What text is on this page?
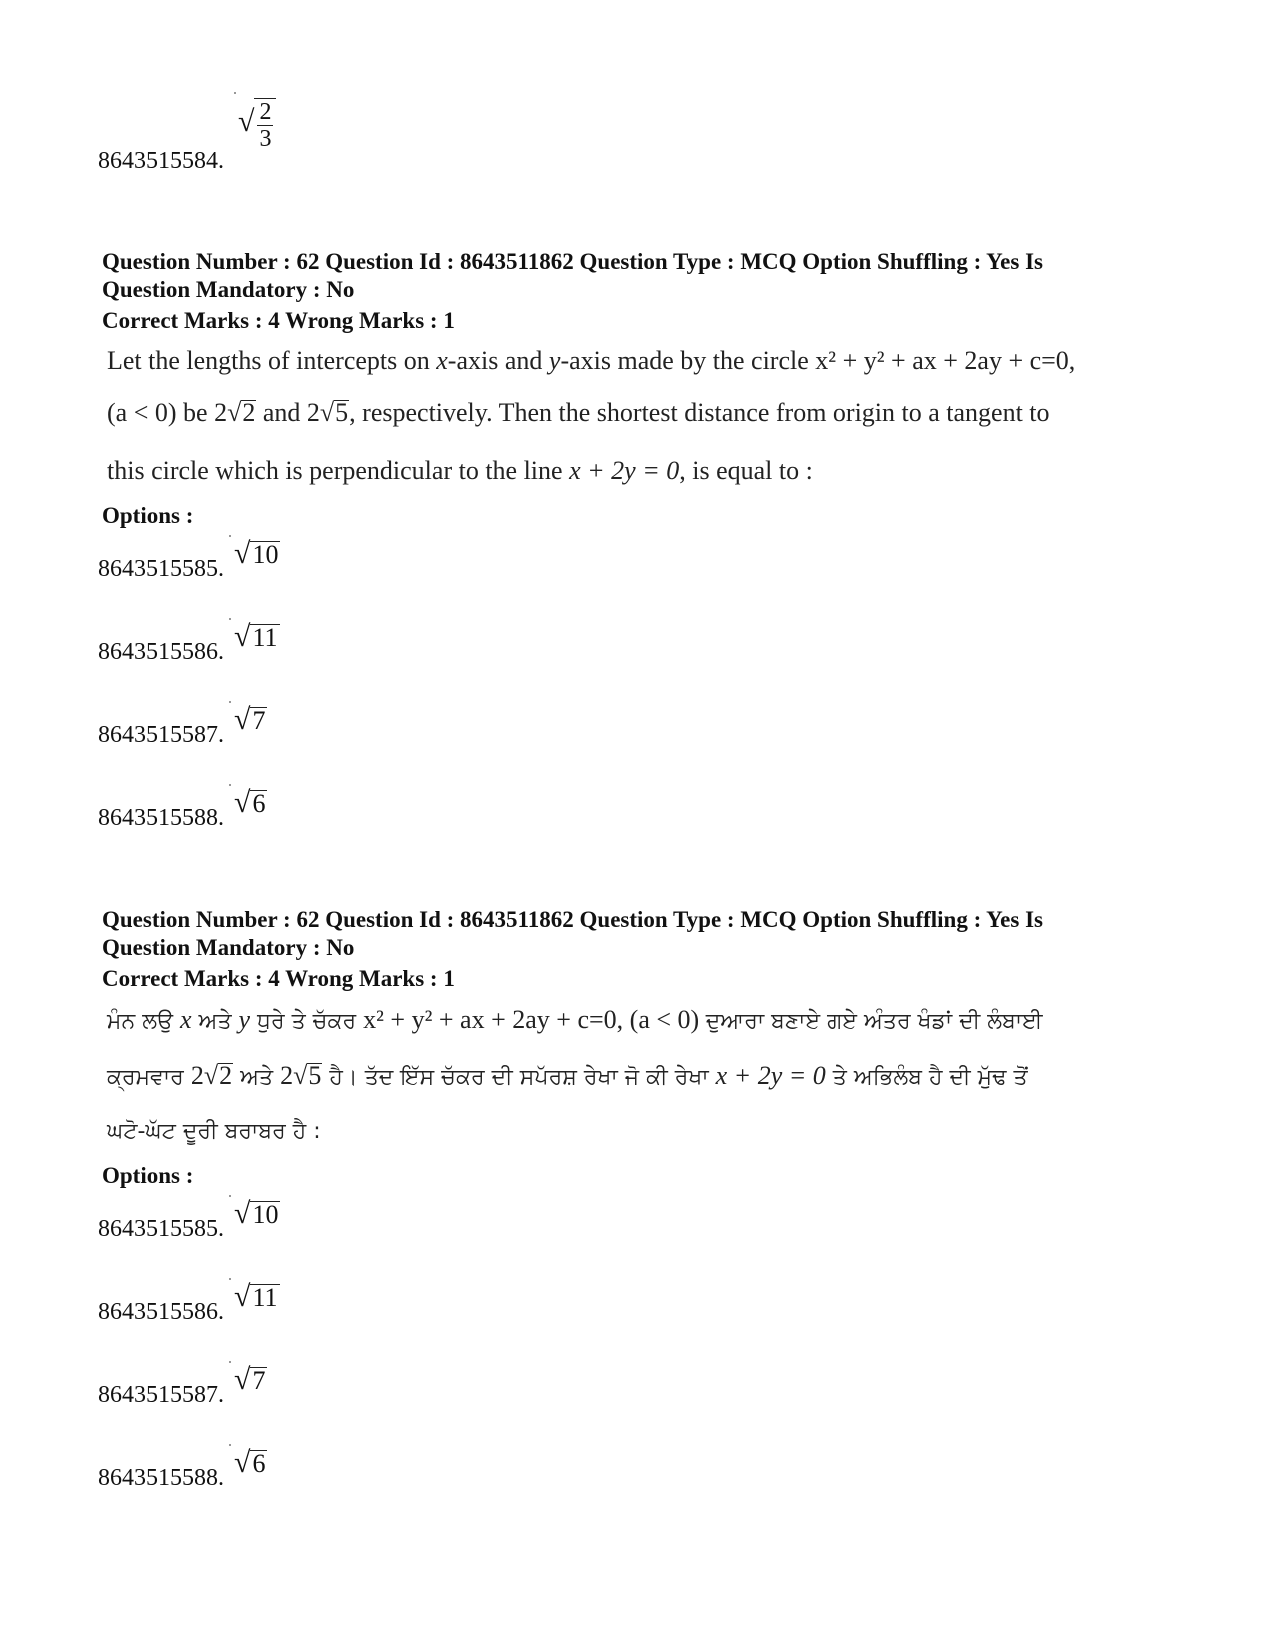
8643515584.
√ $\frac{2}{3}$
Question Number : 62 Question Id : 8643511862 Question Type : MCQ Option Shuffling : Yes Is
Question Mandatory : No
Correct Marks : 4 Wrong Marks : 1
Let the lengths of intercepts on x-axis and y-axis made by the circle x² + y² + ax + 2ay + c=0,
(a < 0) be 2√2 and 2√5, respectively. Then the shortest distance from origin to a tangent to
this circle which is perpendicular to the line x + 2y = 0, is equal to :
Options :
8643515585. √10
8643515586. √11
8643515587. √7
8643515588. √6
Question Number : 62 Question Id : 8643511862 Question Type : MCQ Option Shuffling : Yes Is
Question Mandatory : No
Correct Marks : 4 Wrong Marks : 1
ਮੰਨ ਲਉ x ਅਤੇ y ਧੁਰੇ ਤੇ ਚੱਕਰ x² + y² + ax + 2ay + c=0, (a < 0) ਦੁਆਰਾ ਬਣਾਏ ਗਏ ਅੰਤਰ ਖੰਡਾਂ ਦੀ ਲੰਬਾਈ
ਕ੍ਰਮਵਾਰ 2√2 ਅਤੇ 2√5 ਹੈ। ਤੱਦ ਇੱਸ ਚੱਕਰ ਦੀ ਸਪੱਰਸ਼ ਰੇਖਾ ਜੋ ਕੀ ਰੇਖਾ x + 2y = 0 ਤੇ ਅਭਿਲੰਬ ਹੈ ਦੀ ਮੁੱਢ ਤੋਂ
ਘਟੋ-ਘੱਟ ਦੂਰੀ ਬਰਾਬਰ ਹੈ :
Options :
8643515585. √10
8643515586. √11
8643515587. √7
8643515588. √6
